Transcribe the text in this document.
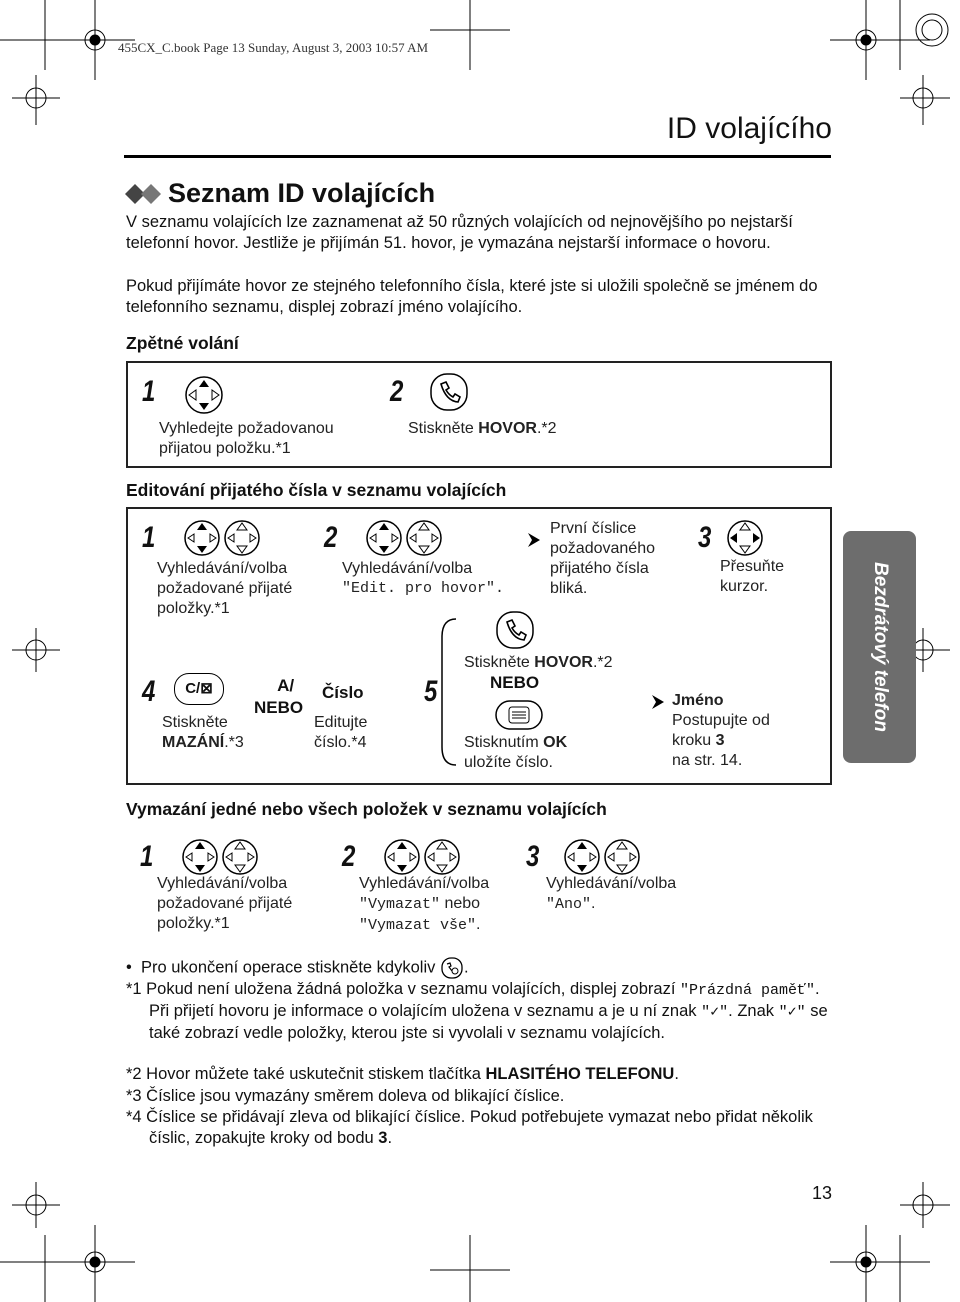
455CX_C.book Page 13 Sunday, August 3, 2003 10:57 AM
ID volajícího
Seznam ID volajících
V seznamu volajících lze zaznamenat až 50 různých volajících od nejnovějšího po nejstarší telefonní hovor. Jestliže je přijímán 51. hovor, je vymazána nejstarší informace o hovoru.
Pokud přijímáte hovor ze stejného telefonního čísla, které jste si uložili společně se jménem do telefonního seznamu, displej zobrazí jméno volajícího.
Zpětné volání
1
Vyhledejte požadovanou
přijatou položku.*1
2
Stiskněte HOVOR.*2
Editování přijatého čísla v seznamu volajících
1
Vyhledávání/volba
požadované přijaté
položky.*1
2
Vyhledávání/volba
"Edit. pro hovor".
První číslice
požadovaného
přijatého čísla
bliká.
3
Přesuňte
kurzor.
4	C/⊠	A/
NEBO
Stiskněte
MAZÁNÍ.*3
Číslo
Editujte
číslo.*4
5
Stiskněte HOVOR.*2
NEBO
Stisknutím OK
uložíte číslo.
Jméno
Postupujte od
kroku 3
na str. 14.
Bezdrátový telefon
Vymazání jedné nebo všech položek v seznamu volajících
1
Vyhledávání/volba
požadované přijaté
položky.*1
2
Vyhledávání/volba
"Vymazat" nebo
"Vymazat vše".
3
Vyhledávání/volba
"Ano".
•  Pro ukončení operace stiskněte kdykoliv .
*1 Pokud není uložena žádná položka v seznamu volajících, displej zobrazí "Prázdná paměť". Při přijetí hovoru je informace o volajícím uložena v seznamu a je u ní znak "✓". Znak "✓" se také zobrazí vedle položky, kterou jste si vyvolali v seznamu volajících.
*2 Hovor můžete také uskutečnit stiskem tlačítka HLASITÉHO TELEFONU.
*3 Číslice jsou vymazány směrem doleva od blikající číslice.
*4 Číslice se přidávají zleva od blikající číslice. Pokud potřebujete vymazat nebo přidat několik číslic, zopakujte kroky od bodu 3.
13
